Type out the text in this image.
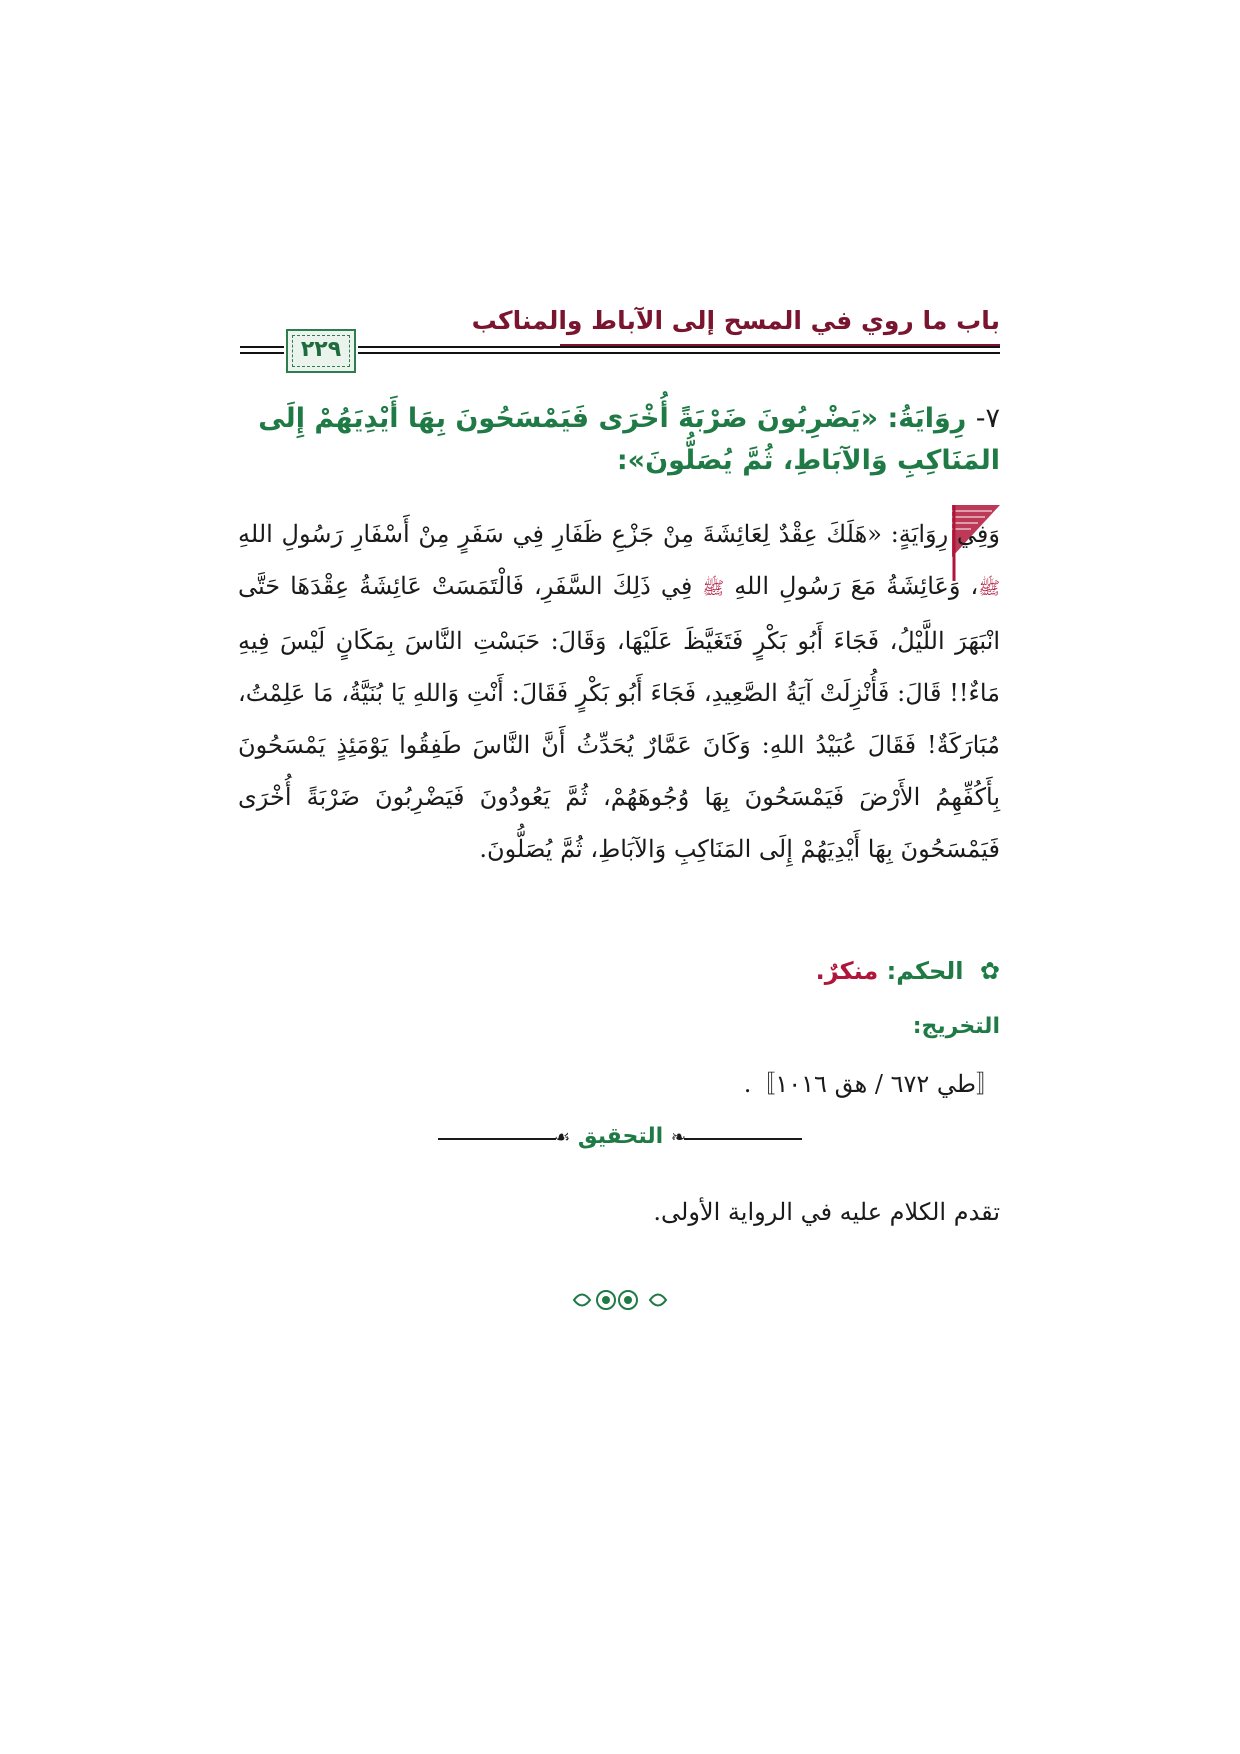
باب ما روي في المسح إلى الآباط والمناكب
٢٢٩
٧- رِوَايَةُ: «يَضْرِبُونَ ضَرْبَةً أُخْرَى فَيَمْسَحُونَ بِهَا أَيْدِيَهُمْ إِلَى المَنَاكِبِ وَالآبَاطِ، ثُمَّ يُصَلُّونَ»:
وَفِي رِوَايَةٍ: «هَلَكَ عِقْدٌ لِعَائِشَةَ مِنْ جَزْعِ ظَفَارِ فِي سَفَرٍ مِنْ أَسْفَارِ رَسُولِ اللهِ ﷺ، وَعَائِشَةُ مَعَ رَسُولِ اللهِ ﷺ فِي ذَلِكَ السَّفَرِ، فَالْتَمَسَتْ عَائِشَةُ عِقْدَهَا حَتَّى انْبَهَرَ اللَّيْلُ، فَجَاءَ أَبُو بَكْرٍ فَتَغَيَّظَ عَلَيْهَا، وَقَالَ: حَبَسْتِ النَّاسَ بِمَكَانٍ لَيْسَ فِيهِ مَاءٌ!! قَالَ: فَأُنْزِلَتْ آيَةُ الصَّعِيدِ، فَجَاءَ أَبُو بَكْرٍ فَقَالَ: أَنْتِ وَاللهِ يَا بُنَيَّةُ، مَا عَلِمْتُ، مُبَارَكَةٌ! فَقَالَ عُبَيْدُ اللهِ: وَكَانَ عَمَّارٌ يُحَدِّثُ أَنَّ النَّاسَ طَفِقُوا يَوْمَئِذٍ يَمْسَحُونَ بِأَكُفِّهِمُ الأَرْضَ فَيَمْسَحُونَ بِهَا وُجُوهَهُمْ، ثُمَّ يَعُودُونَ فَيَضْرِبُونَ ضَرْبَةً أُخْرَى فَيَمْسَحُونَ بِهَا أَيْدِيَهُمْ إِلَى المَنَاكِبِ وَالآبَاطِ، ثُمَّ يُصَلُّونَ.
✿ الحكم: منكرٌ.
التخريج:
〚طي ٦٧٢ / هق ١٠١٦〛.
❧ التحقيق ☙
تقدم الكلام عليه في الرواية الأولى.
